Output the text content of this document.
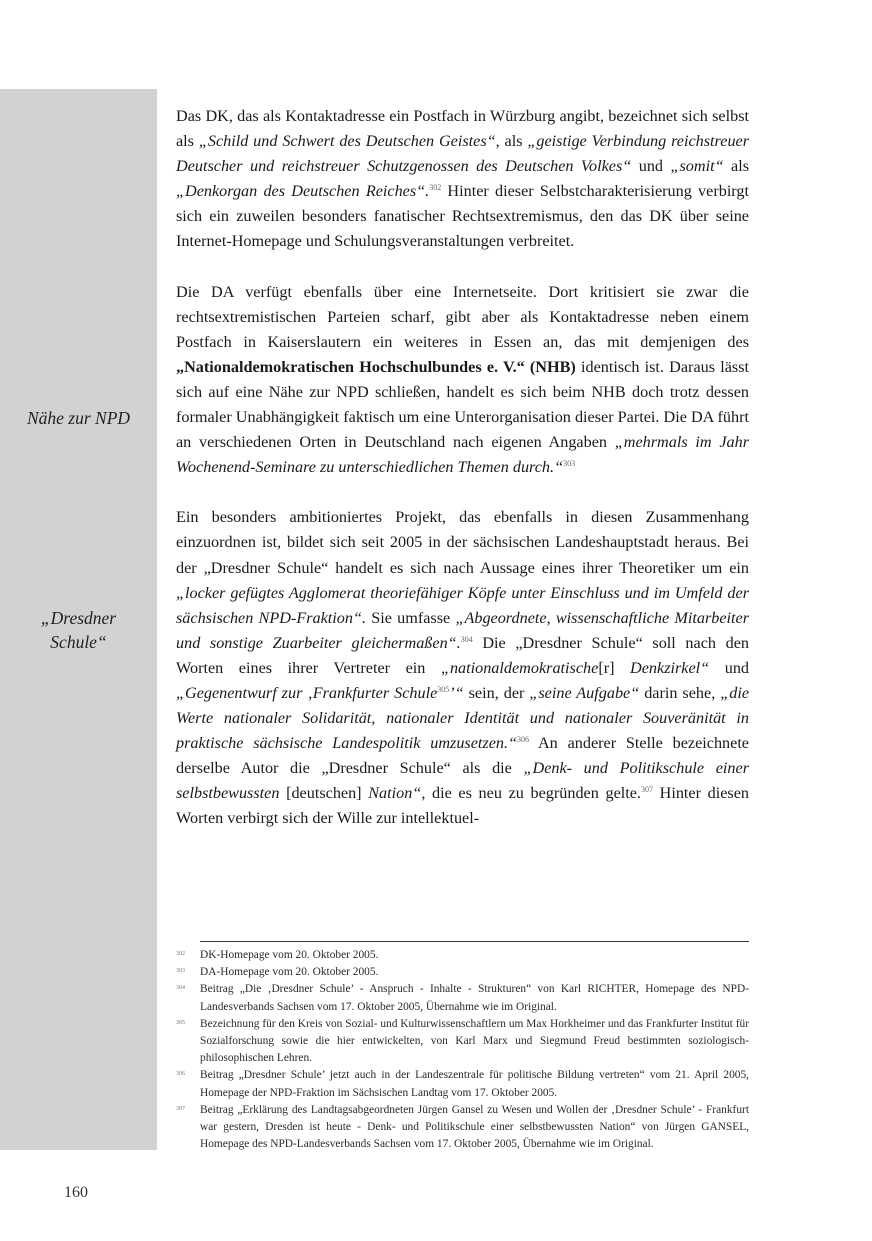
Nähe zur NPD
„Dresdner
Schule“

Das DK, das als Kontaktadresse ein Postfach in Würzburg angibt, bezeichnet sich selbst als „Schild und Schwert des Deutschen Geistes“, als „geistige Verbindung reichstreuer Deutscher und reichstreuer Schutzgenossen des Deutschen Volkes“ und „somit“ als „Denkorgan des Deutschen Reiches“.$^{302}$ Hinter dieser Selbstcharakterisierung verbirgt sich ein zuweilen besonders fanatischer Rechtsextremismus, den das DK über seine Internet-Homepage und Schulungsveranstaltungen verbreitet.

Die DA verfügt ebenfalls über eine Internetseite. Dort kritisiert sie zwar die rechtsextremistischen Parteien scharf, gibt aber als Kontaktadresse neben einem Postfach in Kaiserslautern ein weiteres in Essen an, das mit demjenigen des „Nationaldemokratischen Hochschulbundes e. V.“ (NHB) identisch ist. Daraus lässt sich auf eine Nähe zur NPD schließen, handelt es sich beim NHB doch trotz dessen formaler Unabhängigkeit faktisch um eine Unterorganisation dieser Partei. Die DA führt an verschiedenen Orten in Deutschland nach eigenen Angaben „mehrmals im Jahr Wochenend-Seminare zu unterschiedlichen Themen durch.“$^{303}$

Ein besonders ambitioniertes Projekt, das ebenfalls in diesen Zusammenhang einzuordnen ist, bildet sich seit 2005 in der sächsischen Landeshauptstadt heraus. Bei der „Dresdner Schule“ handelt es sich nach Aussage eines ihrer Theoretiker um ein „locker gefügtes Agglomerat theoriefähiger Köpfe unter Einschluss und im Umfeld der sächsischen NPD-Fraktion“. Sie umfasse „Abgeordnete, wissenschaftliche Mitarbeiter und sonstige Zuarbeiter gleichermaßen“.$^{304}$ Die „Dresdner Schule“ soll nach den Worten eines ihrer Vertreter ein „nationaldemokratische[r] Denkzirkel“ und „Gegenentwurf zur ‚Frankfurter Schule$^{305}$’“ sein, der „seine Aufgabe“ darin sehe, „die Werte nationaler Solidarität, nationaler Identität und nationaler Souveränität in praktische sächsische Landespolitik umzusetzen.“$^{306}$ An anderer Stelle bezeichnete derselbe Autor die „Dresdner Schule“ als die „Denk- und Politikschule einer selbstbewussten [deutschen] Nation“, die es neu zu begründen gelte.$^{307}$ Hinter diesen Worten verbirgt sich der Wille zur intellektuel-

302	DK-Homepage vom 20. Oktober 2005.
303	DA-Homepage vom 20. Oktober 2005.
304	Beitrag „Die ‚Dresdner Schule’ - Anspruch - Inhalte - Strukturen“ von Karl RICHTER, Homepage des NPD-Landesverbands Sachsen vom 17. Oktober 2005, Übernahme wie im Original.
305	Bezeichnung für den Kreis von Sozial- und Kulturwissenschaftlern um Max Horkheimer und das Frankfurter Institut für Sozialforschung sowie die hier entwickelten, von Karl Marx und Siegmund Freud bestimmten soziologisch-philosophischen Lehren.
306	Beitrag „Dresdner Schule’ jetzt auch in der Landeszentrale für politische Bildung vertreten“ vom 21. April 2005, Homepage der NPD-Fraktion im Sächsischen Landtag vom 17. Oktober 2005.
307	Beitrag „Erklärung des Landtagsabgeordneten Jürgen Gansel zu Wesen und Wollen der ‚Dresdner Schule’ - Frankfurt war gestern, Dresden ist heute - Denk- und Politikschule einer selbstbewussten Nation“ von Jürgen GANSEL, Homepage des NPD-Landesverbands Sachsen vom 17. Oktober 2005, Übernahme wie im Original.
160
